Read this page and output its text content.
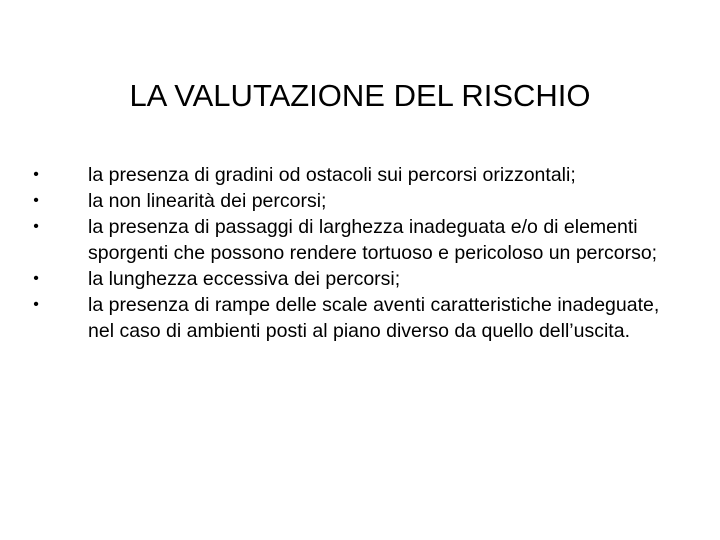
LA VALUTAZIONE DEL RISCHIO
•	la presenza di gradini od ostacoli sui percorsi orizzontali;
•	la non linearità dei percorsi;
•	la presenza di passaggi di larghezza inadeguata e/o di elementi sporgenti che possono rendere tortuoso e pericoloso un percorso;
•	la lunghezza eccessiva dei percorsi;
•	la presenza di rampe delle scale aventi caratteristiche inadeguate, nel caso di ambienti posti al piano diverso da quello dell’uscita.
